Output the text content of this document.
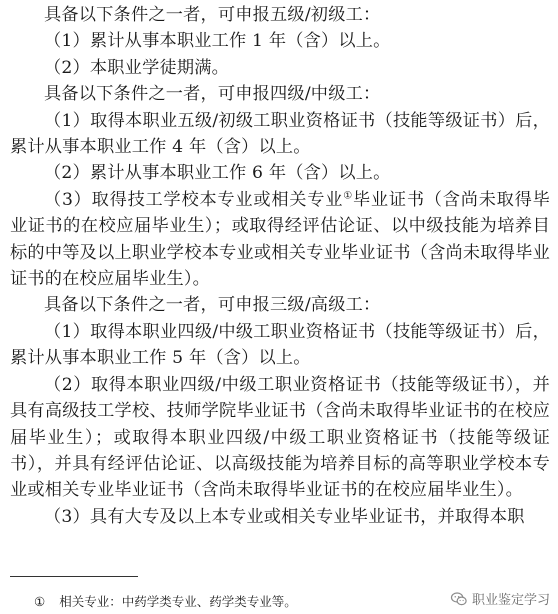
具备以下条件之一者，可申报五级/初级工：

（1）累计从事本职业工作 1 年（含）以上。

（2）本职业学徒期满。

具备以下条件之一者，可申报四级/中级工：

（1）取得本职业五级/初级工职业资格证书（技能等级证书）后，累计从事本职业工作 4 年（含）以上。

（2）累计从事本职业工作 6 年（含）以上。

（3）取得技工学校本专业或相关专业①毕业证书（含尚未取得毕业证书的在校应届毕业生）；或取得经评估论证、以中级技能为培养目标的中等及以上职业学校本专业或相关专业毕业证书（含尚未取得毕业证书的在校应届毕业生）。

具备以下条件之一者，可申报三级/高级工：

（1）取得本职业四级/中级工职业资格证书（技能等级证书）后，累计从事本职业工作 5 年（含）以上。

（2）取得本职业四级/中级工职业资格证书（技能等级证书），并具有高级技工学校、技师学院毕业证书（含尚未取得毕业证书的在校应届毕业生）；或取得本职业四级/中级工职业资格证书（技能等级证书），并具有经评估论证、以高级技能为培养目标的高等职业学校本专业或相关专业毕业证书（含尚未取得毕业证书的在校应届毕业生）。

（3）具有大专及以上本专业或相关专业毕业证书，并取得本职

① 相关专业：中药学类专业、药学类专业等。	职业鉴定学习
